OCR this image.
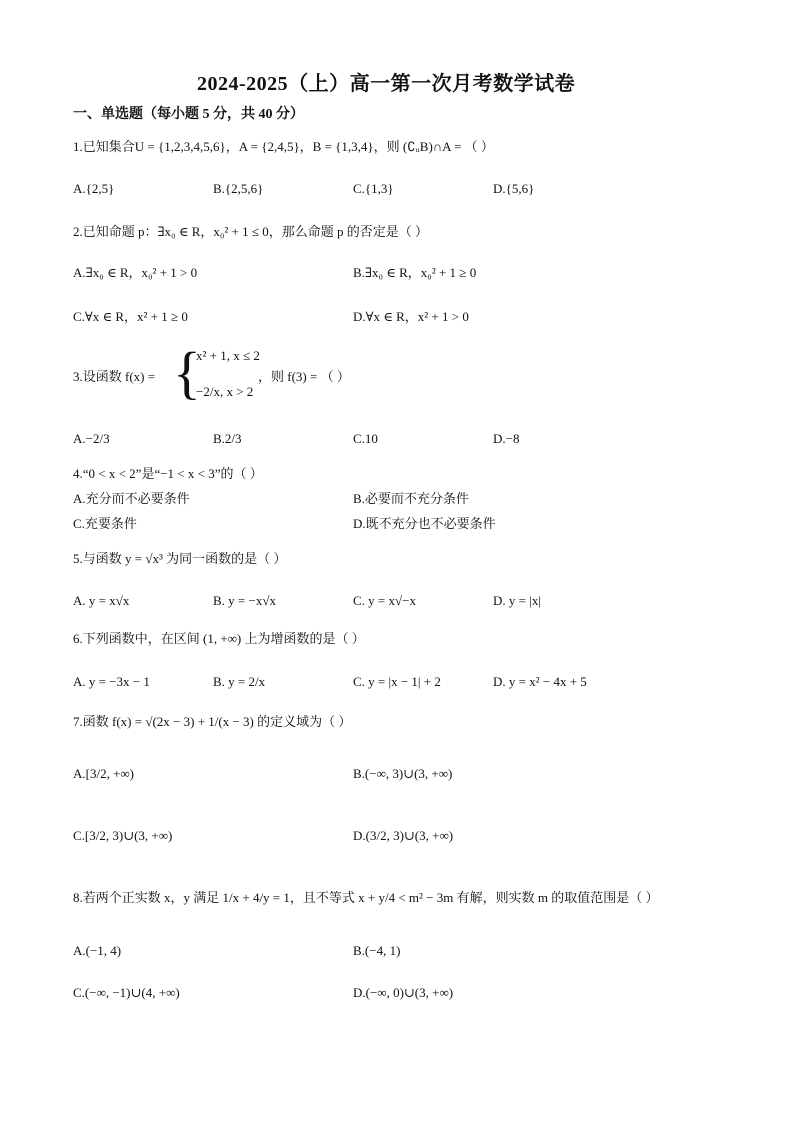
2024-2025（上）高一第一次月考数学试卷
一、单选题（每小题 5 分，共 40 分）
1.已知集合U = {1,2,3,4,5,6}，A = {2,4,5}，B = {1,3,4}，则 (∁ᵤB)∩A = （ ）
A.{2,5}	B.{2,5,6}	C.{1,3}	D.{5,6}
2.已知命题 p：∃x₀ ∈ R，x₀² + 1 ≤ 0，那么命题 p 的否定是（ ）
A.∃x₀ ∈ R，x₀² + 1 > 0	B.∃x₀ ∈ R，x₀² + 1 ≥ 0
C.∀x ∈ R，x² + 1 ≥ 0	D.∀x ∈ R，x² + 1 > 0
3.设函数 f(x) = {
x² + 1, x ≤ 2
−2/x, x > 2
，则 f(3) = （ ）
A.−2/3	B.2/3	C.10	D.−8
4.“0 < x < 2”是“−1 < x < 3”的（ ）
A.充分而不必要条件	B.必要而不充分条件
C.充要条件	D.既不充分也不必要条件
5.与函数 y = √x³ 为同一函数的是（ ）
A. y = x√x	B. y = −x√x	C. y = x√−x	D. y = |x|
6.下列函数中，在区间 (1, +∞) 上为增函数的是（ ）
A. y = −3x − 1	B. y = 2/x	C. y = |x − 1| + 2	D. y = x² − 4x + 5
7.函数 f(x) = √(2x − 3) + 1/(x − 3) 的定义域为（ ）
A.[3/2, +∞)	B.(−∞, 3)∪(3, +∞)
C.[3/2, 3)∪(3, +∞)	D.(3/2, 3)∪(3, +∞)
8.若两个正实数 x，y 满足 1/x + 4/y = 1，且不等式 x + y/4 < m² − 3m 有解，则实数 m 的取值范围是（ ）
A.(−1, 4)	B.(−4, 1)
C.(−∞, −1)∪(4, +∞)	D.(−∞, 0)∪(3, +∞)
